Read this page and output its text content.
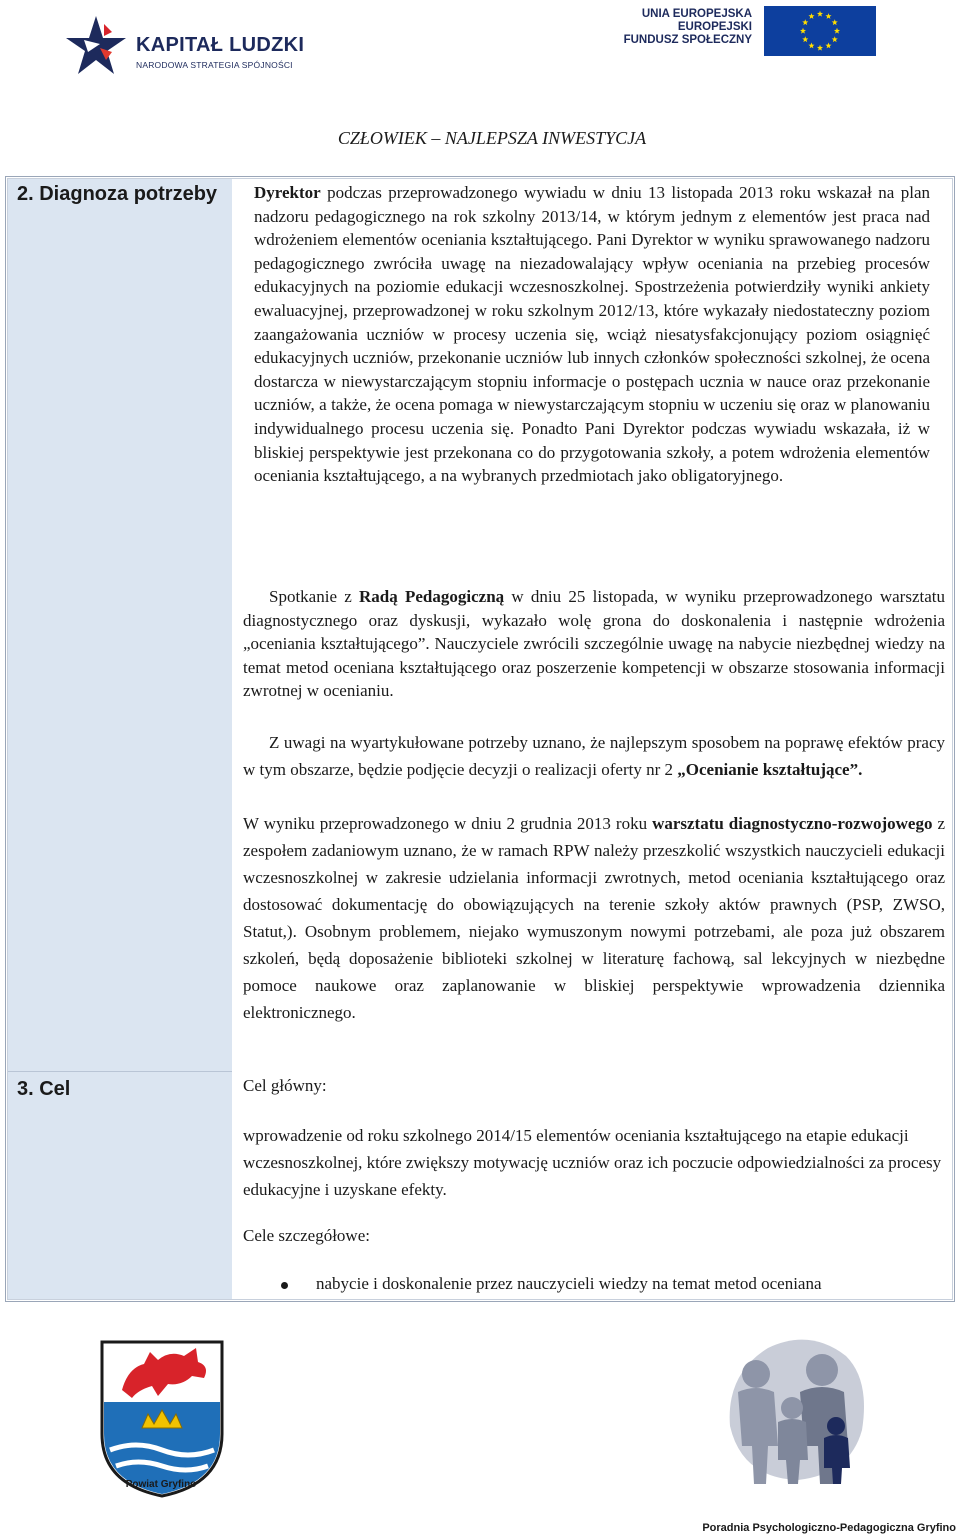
KAPITAŁ LUDZKI
NARODOWA STRATEGIA SPÓJNOŚCI
UNIA EUROPEJSKA
EUROPEJSKI
FUNDUSZ SPOŁECZNY
CZŁOWIEK – NAJLEPSZA INWESTYCJA
2. Diagnoza potrzeby Dyrektor podczas przeprowadzonego wywiadu w dniu 13 listopada 2013 roku wskazał na plan nadzoru pedagogicznego na rok szkolny 2013/14, w którym jednym z elementów jest praca nad wdrożeniem elementów oceniania kształtującego. Pani Dyrektor w wyniku sprawowanego nadzoru pedagogicznego zwróciła uwagę na niezadowalający wpływ oceniania na przebieg procesów edukacyjnych na poziomie edukacji wczesnoszkolnej. Spostrzeżenia potwierdziły wyniki ankiety ewaluacyjnej, przeprowadzonej w roku szkolnym 2012/13, które wykazały niedostateczny poziom zaangażowania uczniów w procesy uczenia się, wciąż niesatysfakcjonujący poziom osiągnięć edukacyjnych uczniów, przekonanie uczniów lub innych członków społeczności szkolnej, że ocena dostarcza w niewystarczającym stopniu informacje o postępach ucznia w nauce oraz przekonanie uczniów, a także, że ocena pomaga w niewystarczającym stopniu w uczeniu się oraz w planowaniu indywidualnego procesu uczenia się. Ponadto Pani Dyrektor podczas wywiadu wskazała, iż w bliskiej perspektywie jest przekonana co do przygotowania szkoły, a potem wdrożenia elementów oceniania kształtującego, a na wybranych przedmiotach jako obligatoryjnego.
Spotkanie z Radą Pedagogiczną w dniu 25 listopada, w wyniku przeprowadzonego warsztatu diagnostycznego oraz dyskusji, wykazało wolę grona do doskonalenia i następnie wdrożenia „oceniania kształtującego”. Nauczyciele zwrócili szczególnie uwagę na nabycie niezbędnej wiedzy na temat metod oceniana kształtującego oraz poszerzenie kompetencji w obszarze stosowania informacji zwrotnej w ocenianiu.
Z uwagi na wyartykułowane potrzeby uznano, że najlepszym sposobem na poprawę efektów pracy w tym obszarze, będzie podjęcie decyzji o realizacji oferty nr 2 „Ocenianie kształtujące”.
W wyniku przeprowadzonego w dniu 2 grudnia 2013 roku warsztatu diagnostyczno-rozwojowego z zespołem zadaniowym uznano, że w ramach RPW należy przeszkolić wszystkich nauczycieli edukacji wczesnoszkolnej w zakresie udzielania informacji zwrotnych, metod oceniania kształtującego oraz dostosować dokumentację do obowiązujących na terenie szkoły aktów prawnych (PSP, ZWSO, Statut,). Osobnym problemem, niejako wymuszonym nowymi potrzebami, ale poza już obszarem szkoleń, będą doposażenie biblioteki szkolnej w literaturę fachową, sal lekcyjnych w niezbędne pomoce naukowe oraz zaplanowanie w bliskiej perspektywie wprowadzenia dziennika elektronicznego.
3. Cel	Cel główny:
wprowadzenie od roku szkolnego 2014/15 elementów oceniania kształtującego na etapie edukacji wczesnoszkolnej, które zwiększy motywację uczniów oraz ich poczucie odpowiedzialności za procesy edukacyjne i uzyskane efekty.
Cele szczegółowe:
nabycie i doskonalenie przez nauczycieli wiedzy na temat metod oceniana
Powiat Gryfino
Poradnia Psychologiczno-Pedagogiczna Gryfino
